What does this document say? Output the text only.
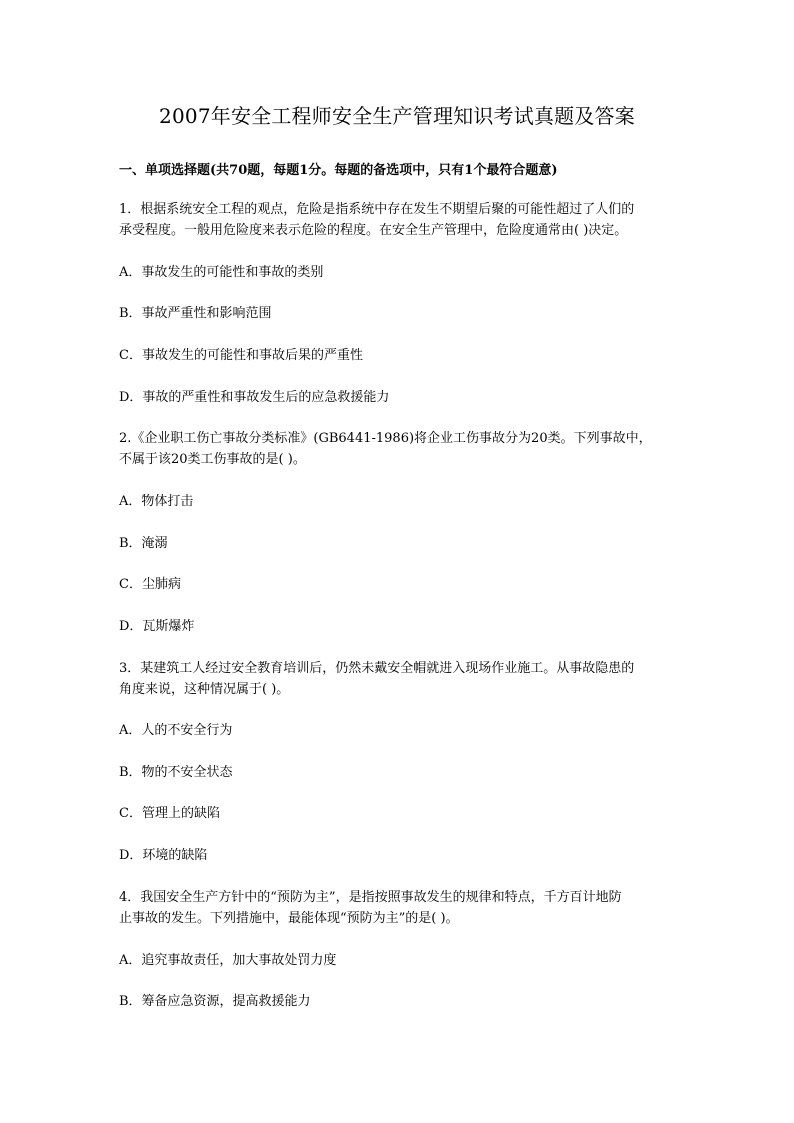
2007年安全工程师安全生产管理知识考试真题及答案
一、单项选择题(共70题，每题1分。每题的备选项中，只有1个最符合题意)
1．根据系统安全工程的观点，危险是指系统中存在发生不期望后聚的可能性超过了人们的
承受程度。一般用危险度来表示危险的程度。在安全生产管理中，危险度通常由( )决定。
A．事故发生的可能性和事故的类别
B．事故严重性和影响范围
C．事故发生的可能性和事故后果的严重性
D．事故的严重性和事故发生后的应急救援能力
2.《企业职工伤亡事故分类标准》(GB6441-1986)将企业工伤事故分为20类。下列事故中，
不属于该20类工伤事故的是( )。
A．物体打击
B．淹溺
C．尘肺病
D．瓦斯爆炸
3．某建筑工人经过安全教育培训后，仍然未戴安全帽就进入现场作业施工。从事故隐患的
角度来说，这种情况属于( )。
A．人的不安全行为
B．物的不安全状态
C．管理上的缺陷
D．环境的缺陷
4．我国安全生产方针中的“预防为主”，是指按照事故发生的规律和特点，千方百计地防
止事故的发生。下列措施中，最能体现“预防为主”的是( )。
A．追究事故责任，加大事故处罚力度
B．筹备应急资源，提高救援能力
